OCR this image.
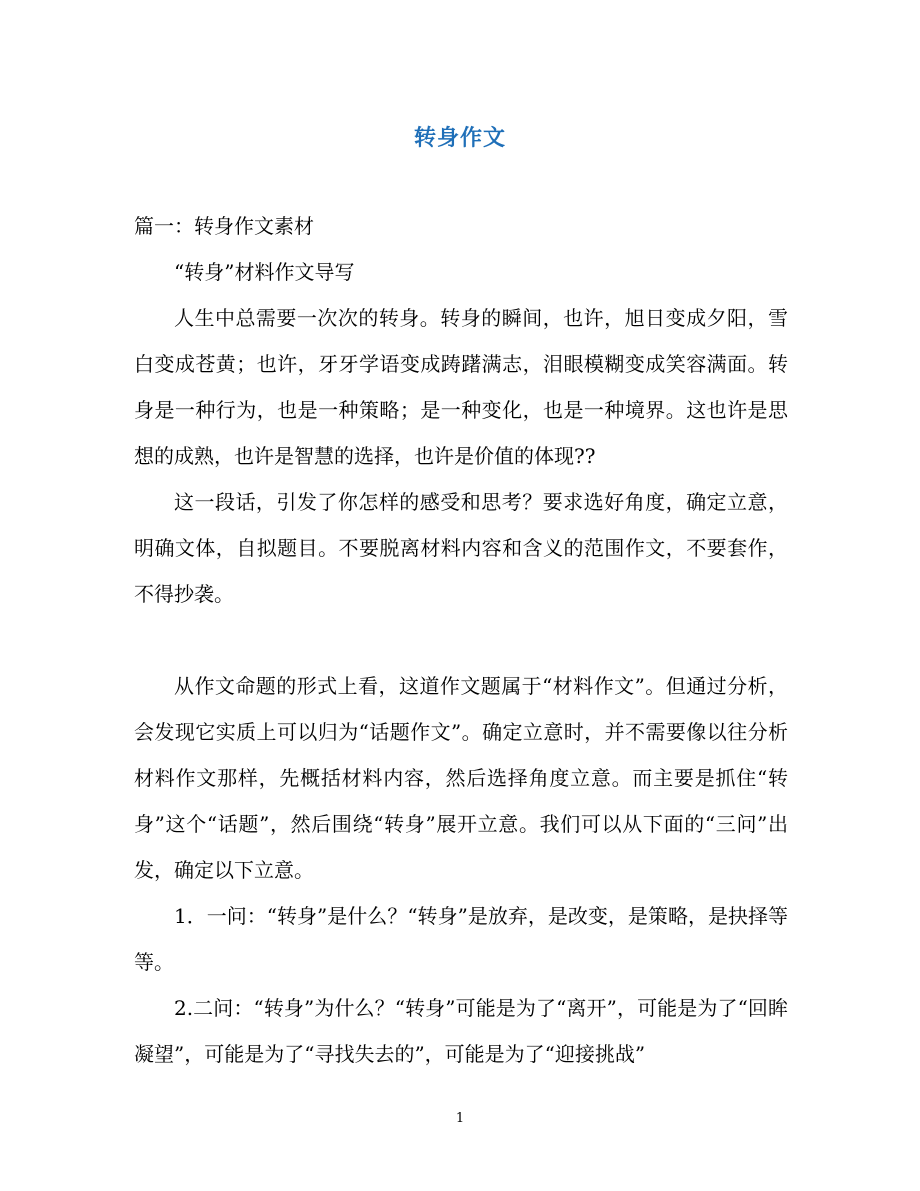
转身作文

篇一：转身作文素材

“转身”材料作文导写

人生中总需要一次次的转身。转身的瞬间，也许，旭日变成夕阳，雪白变成苍黄；也许，牙牙学语变成踌躇满志，泪眼模糊变成笑容满面。转身是一种行为，也是一种策略；是一种变化，也是一种境界。这也许是思想的成熟，也许是智慧的选择，也许是价值的体现??

这一段话，引发了你怎样的感受和思考？要求选好角度，确定立意，明确文体，自拟题目。不要脱离材料内容和含义的范围作文，不要套作，不得抄袭。

从作文命题的形式上看，这道作文题属于“材料作文”。但通过分析，会发现它实质上可以归为“话题作文”。确定立意时，并不需要像以往分析材料作文那样，先概括材料内容，然后选择角度立意。而主要是抓住“转身”这个“话题”，然后围绕“转身”展开立意。我们可以从下面的“三问”出发，确定以下立意。

1．一问：“转身”是什么？“转身”是放弃，是改变，是策略，是抉择等等。

2.二问：“转身”为什么？“转身”可能是为了“离开”，可能是为了“回眸凝望”，可能是为了“寻找失去的”，可能是为了“迎接挑战”

1
